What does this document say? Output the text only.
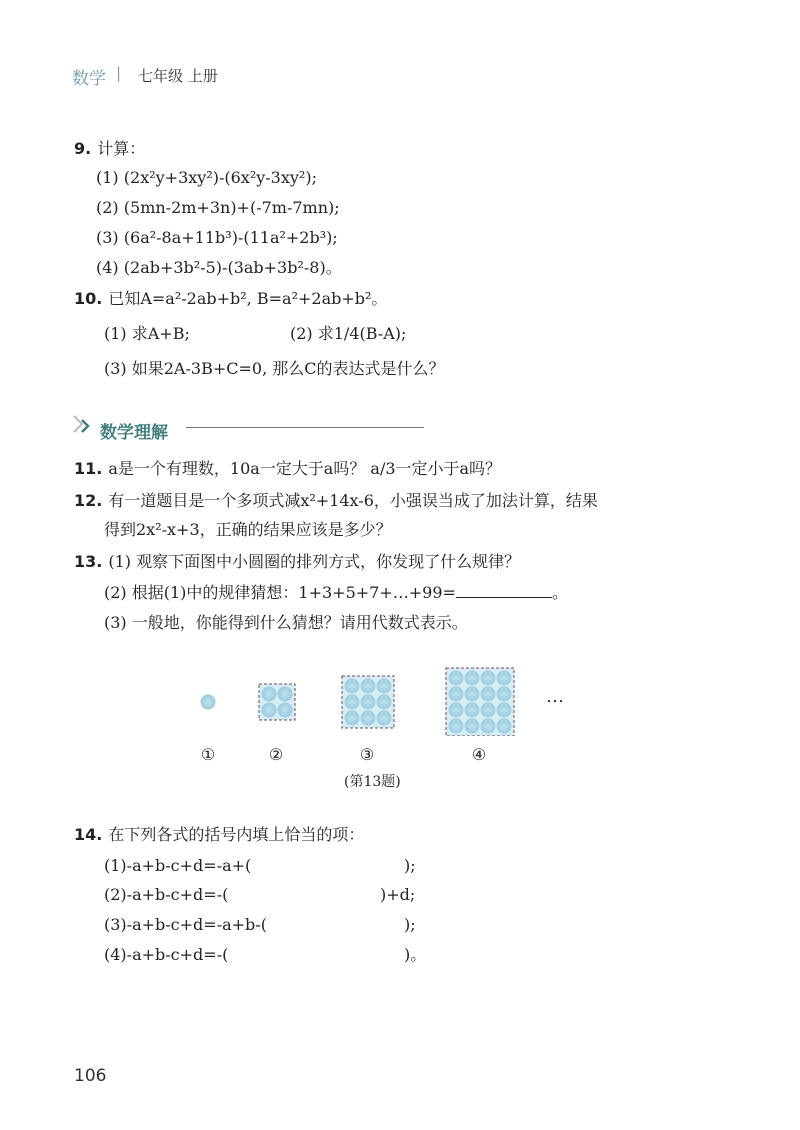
数学 | 七年级 上册
9. 计算：
(1) (2x²y+3xy²)-(6x²y-3xy²);
(2) (5mn-2m+3n)+(-7m-7mn);
(3) (6a²-8a+11b³)-(11a²+2b³);
(4) (2ab+3b²-5)-(3ab+3b²-8)。
10. 已知A=a²-2ab+b², B=a²+2ab+b²。
(1) 求A+B;	(2) 求1/4(B-A);
(3) 如果2A-3B+C=0, 那么C的表达式是什么？
数学理解
11. a是一个有理数，10a一定大于a吗？ a/3一定小于a吗？
12. 有一道题目是一个多项式减x²+14x-6，小强误当成了加法计算，结果
得到2x²-x+3，正确的结果应该是多少？
13. (1) 观察下面图中小圆圈的排列方式，你发现了什么规律？
(2) 根据(1)中的规律猜想：1+3+5+7+…+99=	。
(3) 一般地，你能得到什么猜想？请用代数式表示。
…
①	②	③	④
(第13题)
14. 在下列各式的括号内填上恰当的项：
(1)-a+b-c+d=-a+(	);
(2)-a+b-c+d=-(	)+d;
(3)-a+b-c+d=-a+b-(	);
(4)-a+b-c+d=-(	)。
106
